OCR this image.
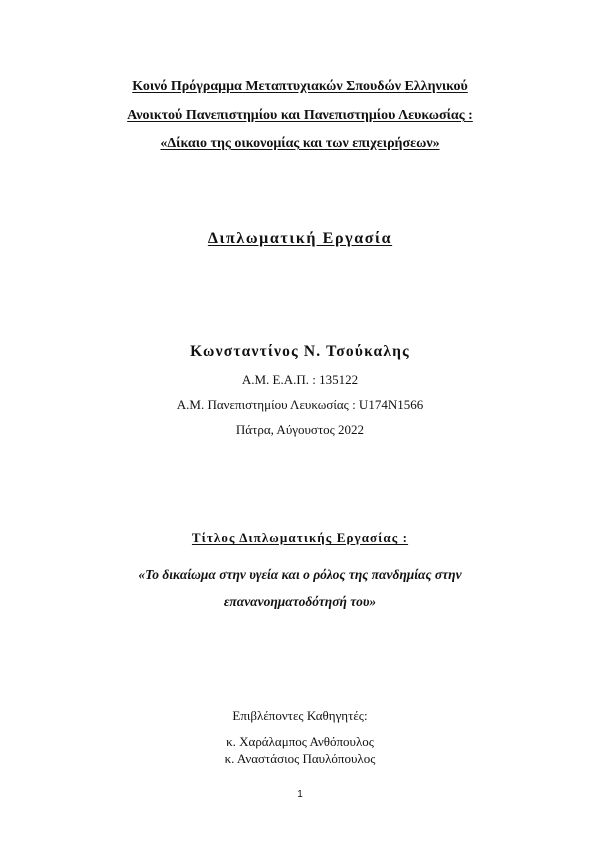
Κοινό Πρόγραμμα Μεταπτυχιακών Σπουδών Ελληνικού
Ανοικτού Πανεπιστημίου και Πανεπιστημίου Λευκωσίας :
«Δίκαιο της οικονομίας και των επιχειρήσεων»
Διπλωματική Εργασία
Κωνσταντίνος Ν. Τσούκαλης
Α.Μ. Ε.Α.Π. : 135122
Α.Μ. Πανεπιστημίου Λευκωσίας : U174N1566
Πάτρα, Αύγουστος 2022
Τίτλος Διπλωματικής Εργασίας :
«Το δικαίωμα στην υγεία και ο ρόλος της πανδημίας στην
επανανοηματοδότησή του»
Επιβλέποντες Καθηγητές:
κ. Χαράλαμπος Ανθόπουλος
κ. Αναστάσιος Παυλόπουλος
1
